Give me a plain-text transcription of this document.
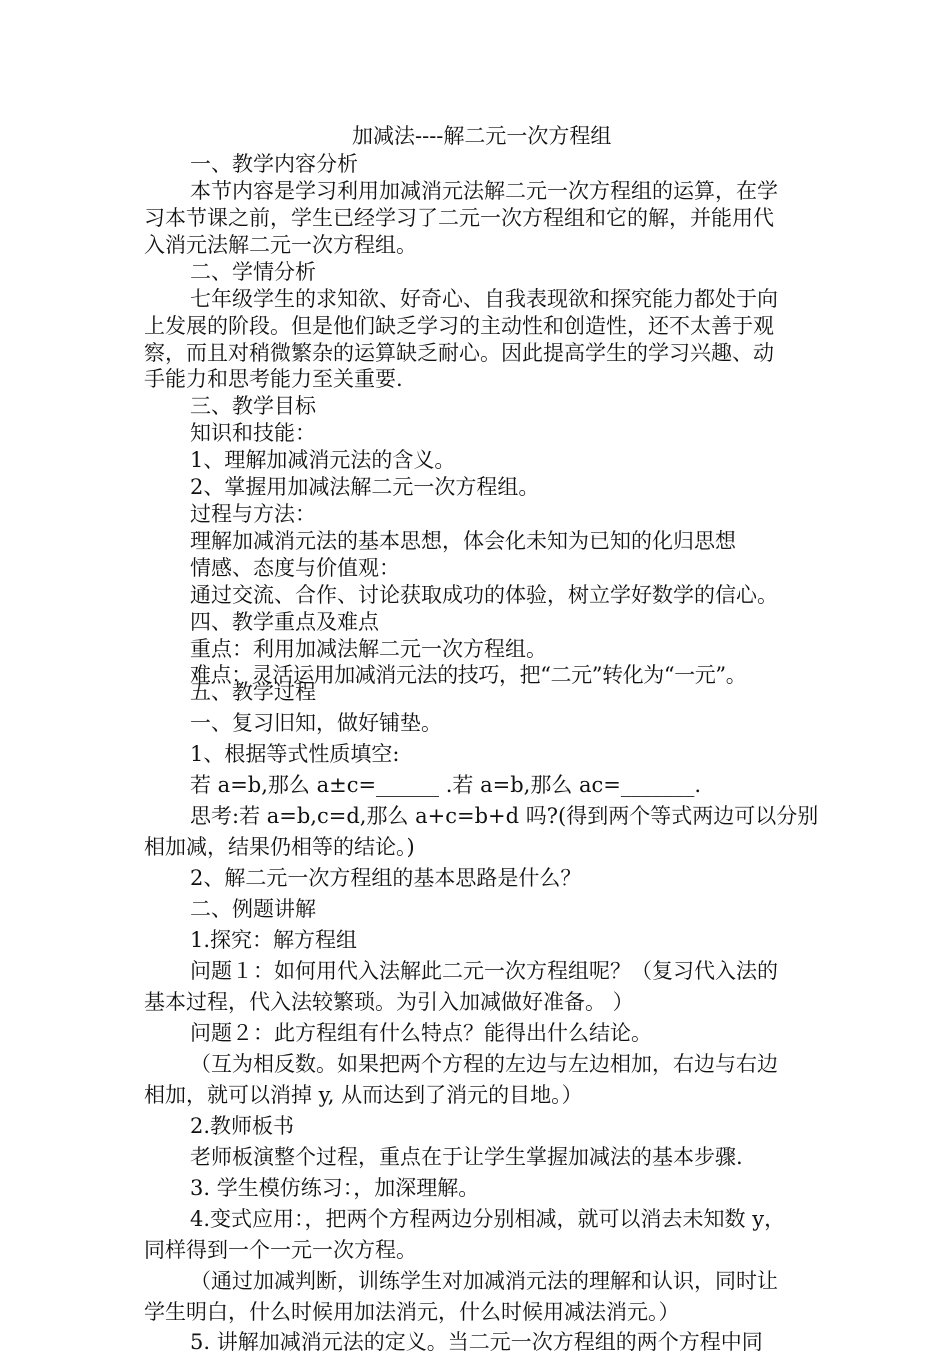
加减法----解二元一次方程组
一、教学内容分析
本节内容是学习利用加减消元法解二元一次方程组的运算，在学
习本节课之前，学生已经学习了二元一次方程组和它的解，并能用代
入消元法解二元一次方程组。
二、学情分析
七年级学生的求知欲、好奇心、自我表现欲和探究能力都处于向
上发展的阶段。但是他们缺乏学习的主动性和创造性，还不太善于观
察，而且对稍微繁杂的运算缺乏耐心。因此提高学生的学习兴趣、动
手能力和思考能力至关重要.
三、教学目标
知识和技能：
1、理解加减消元法的含义。
2、掌握用加减法解二元一次方程组。
过程与方法：
理解加减消元法的基本思想，体会化未知为已知的化归思想
情感、态度与价值观：
通过交流、合作、讨论获取成功的体验，树立学好数学的信心。
四、教学重点及难点
重点：利用加减法解二元一次方程组。
难点：灵活运用加减消元法的技巧，把“二元”转化为“一元”。
五、教学过程
一、复习旧知，做好铺垫。
1、根据等式性质填空:
若 a=b,那么 a±c=______ .若 a=b,那么 ac=_______.
思考:若 a=b,c=d,那么 a+c=b+d 吗?(得到两个等式两边可以分别
相加减，结果仍相等的结论。)
2、解二元一次方程组的基本思路是什么？
二、例题讲解
1.探究：解方程组
问题１：如何用代入法解此二元一次方程组呢？（复习代入法的
基本过程，代入法较繁琐。为引入加减做好准备。 ）
问题２：此方程组有什么特点？能得出什么结论。
（互为相反数。如果把两个方程的左边与左边相加，右边与右边
相加，就可以消掉 y, 从而达到了消元的目地。）
2.教师板书
老师板演整个过程，重点在于让学生掌握加减法的基本步骤.
3. 学生模仿练习：，加深理解。
4.变式应用：，把两个方程两边分别相减，就可以消去未知数 y，
同样得到一个一元一次方程。
（通过加减判断，训练学生对加减消元法的理解和认识，同时让
学生明白，什么时候用加法消元，什么时候用减法消元。）
5. 讲解加减消元法的定义。当二元一次方程组的两个方程中同
